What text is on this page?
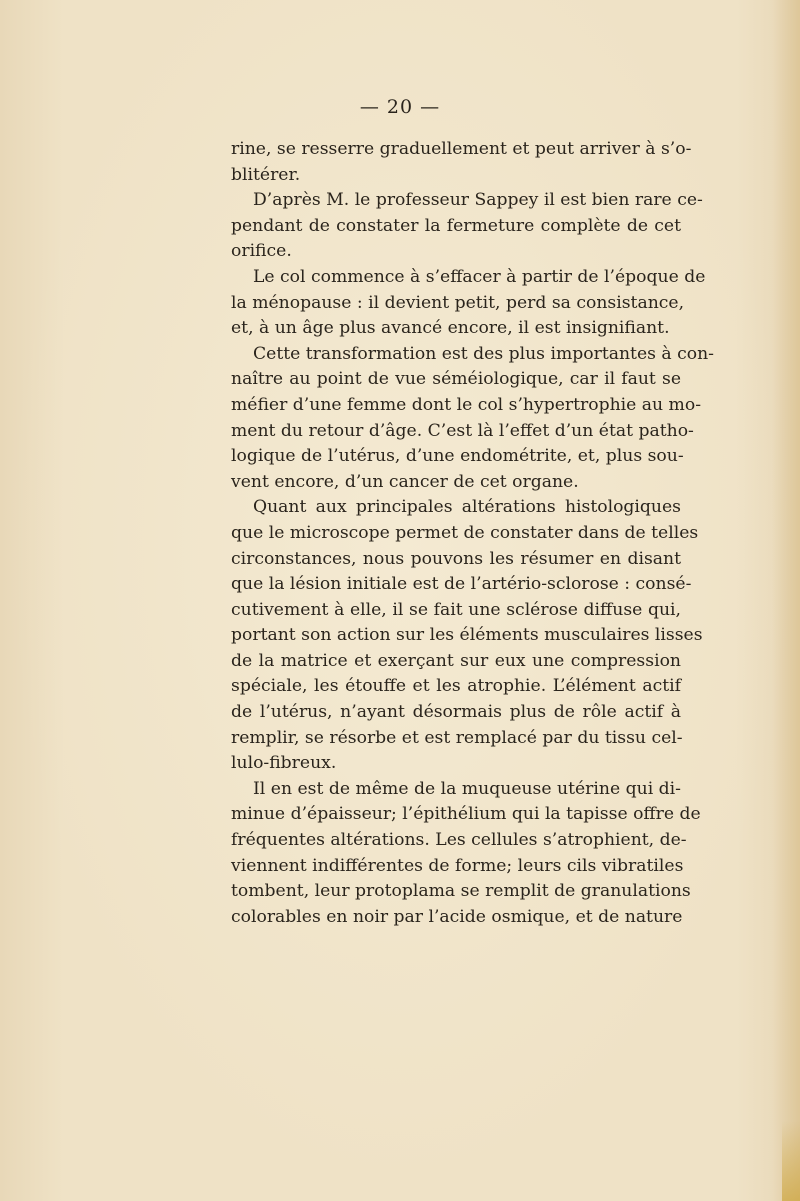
— 20 —
rine, se resserre graduellement et peut arriver à s’o-
blitérer.
D’après M. le professeur Sappey il est bien rare ce-
pendant de constater la fermeture complète de cet
orifice.
Le col commence à s’effacer à partir de l’époque de
la ménopause : il devient petit, perd sa consistance,
et, à un âge plus avancé encore, il est insignifiant.
Cette transformation est des plus importantes à con-
naître au point de vue séméiologique, car il faut se
méfier d’une femme dont le col s’hypertrophie au mo-
ment du retour d’âge. C’est là l’effet d’un état patho-
logique de l’utérus, d’une endométrite, et, plus sou-
vent encore, d’un cancer de cet organe.
Quant aux principales altérations histologiques
que le microscope permet de constater dans de telles
circonstances, nous pouvons les résumer en disant
que la lésion initiale est de l’artério-sclorose : consé-
cutivement à elle, il se fait une sclérose diffuse qui,
portant son action sur les éléments musculaires lisses
de la matrice et exerçant sur eux une compression
spéciale, les étouffe et les atrophie. L’élément actif
de l’utérus, n’ayant désormais plus de rôle actif à
remplir, se résorbe et est remplacé par du tissu cel-
lulo-fibreux.
Il en est de même de la muqueuse utérine qui di-
minue d’épaisseur; l’épithélium qui la tapisse offre de
fréquentes altérations. Les cellules s’atrophient, de-
viennent indifférentes de forme; leurs cils vibratiles
tombent, leur protoplama se remplit de granulations
colorables en noir par l’acide osmique, et de nature
